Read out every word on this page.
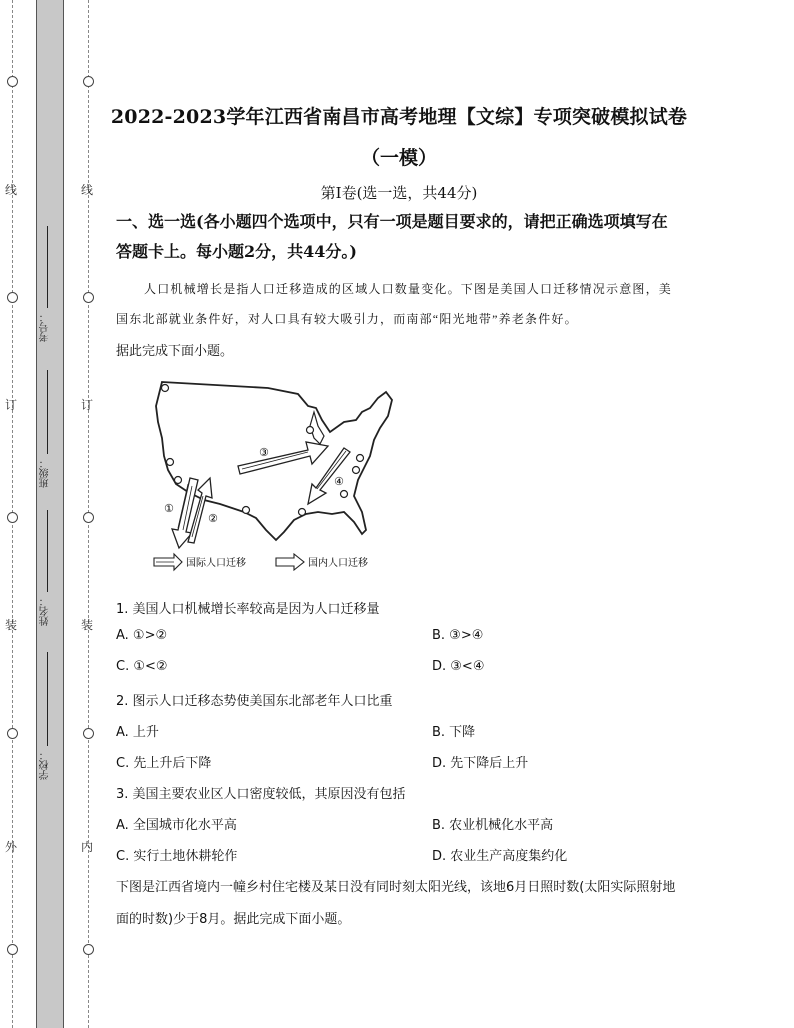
线
订
装
外
线
订
装
内
考号：
班级：
姓名：
学校：
2022-2023学年江西省南昌市高考地理【文综】专项突破模拟试卷
（一模）
第I卷(选一选，共44分)
一、选一选(各小题四个选项中，只有一项是题目要求的，请把正确选项填写在答题卡上。每小题2分，共44分。)
人口机械增长是指人口迁移造成的区域人口数量变化。下图是美国人口迁移情况示意图，美国东北部就业条件好，对人口具有较大吸引力，而南部“阳光地带”养老条件好。
据此完成下面小题。
①
②
③
④
国际人口迁移	国内人口迁移
1. 美国人口机械增长率较高是因为人口迁移量
A. ①>②	B. ③>④
C. ①<②	D. ③<④
2. 图示人口迁移态势使美国东北部老年人口比重
A. 上升	B. 下降
C. 先上升后下降	D. 先下降后上升
3. 美国主要农业区人口密度较低，其原因没有包括
A. 全国城市化水平高	B. 农业机械化水平高
C. 实行土地休耕轮作	D. 农业生产高度集约化
下图是江西省境内一幢乡村住宅楼及某日没有同时刻太阳光线，该地6月日照时数(太阳实际照射地面的时数)少于8月。据此完成下面小题。
